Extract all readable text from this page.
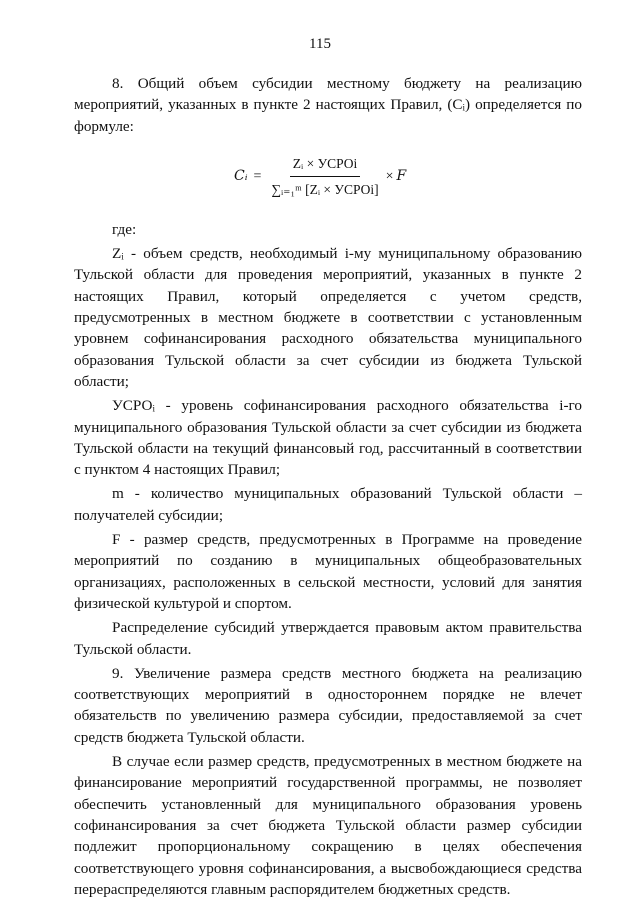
115

8. Общий объем субсидии местному бюджету на реализацию мероприятий, указанных в пункте 2 настоящих Правил, (Cᵢ) определяется по формуле:

Cᵢ = $\frac{\text{Zᵢ × УСРОi}}{\text{∑ᵢ₌₁ᵐ [Zᵢ × УСРОi]}} \times F$

где:

Zᵢ - объем средств, необходимый i-му муниципальному образованию Тульской области для проведения мероприятий, указанных в пункте 2 настоящих Правил, который определяется с учетом средств, предусмотренных в местном бюджете в соответствии с установленным уровнем софинансирования расходного обязательства муниципального образования Тульской области за счет субсидии из бюджета Тульской области;

УСРОᵢ - уровень софинансирования расходного обязательства i-го муниципального образования Тульской области за счет субсидии из бюджета Тульской области на текущий финансовый год, рассчитанный в соответствии с пунктом 4 настоящих Правил;

m - количество муниципальных образований Тульской области – получателей субсидии;

F - размер средств, предусмотренных в Программе на проведение мероприятий по созданию в муниципальных общеобразовательных организациях, расположенных в сельской местности, условий для занятия физической культурой и спортом.

Распределение субсидий утверждается правовым актом правительства Тульской области.

9. Увеличение размера средств местного бюджета на реализацию соответствующих мероприятий в одностороннем порядке не влечет обязательств по увеличению размера субсидии, предоставляемой за счет средств бюджета Тульской области.

В случае если размер средств, предусмотренных в местном бюджете на финансирование мероприятий государственной программы, не позволяет обеспечить установленный для муниципального образования уровень софинансирования за счет бюджета Тульской области размер субсидии подлежит пропорциональному сокращению в целях обеспечения соответствующего уровня софинансирования, а высвобождающиеся средства перераспределяются главным распорядителем бюджетных средств.
